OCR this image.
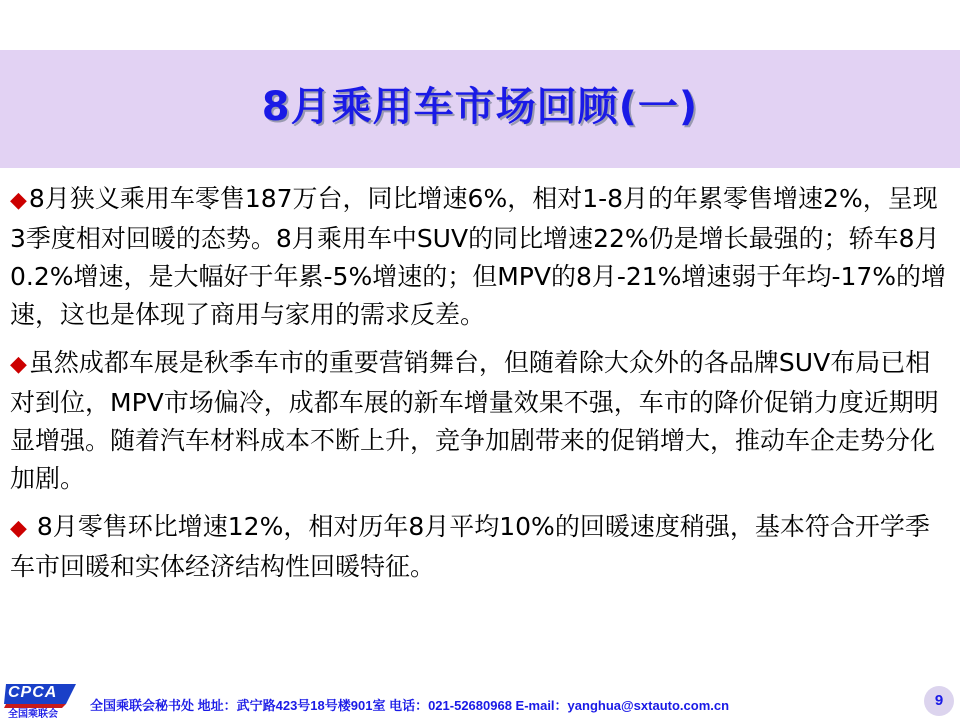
8月乘用车市场回顾(一)

◆8月狭义乘用车零售187万台，同比增速6%，相对1-8月的年累零售增速2%，呈现3季度相对回暖的态势。8月乘用车中SUV的同比增速22%仍是增长最强的；轿车8月0.2%增速，是大幅好于年累-5%增速的；但MPV的8月-21%增速弱于年均-17%的增速，这也是体现了商用与家用的需求反差。

◆虽然成都车展是秋季车市的重要营销舞台，但随着除大众外的各品牌SUV布局已相对到位，MPV市场偏冷，成都车展的新车增量效果不强，车市的降价促销力度近期明显增强。随着汽车材料成本不断上升，竞争加剧带来的促销增大，推动车企走势分化加剧。

◆ 8月零售环比增速12%，相对历年8月平均10%的回暖速度稍强，基本符合开学季车市回暖和实体经济结构性回暖特征。

CPCA
全国乘联会
全国乘联会秘书处 地址：武宁路423号18号楼901室 电话：021-52680968 E-mail：yanghua@sxtauto.com.cn	9
